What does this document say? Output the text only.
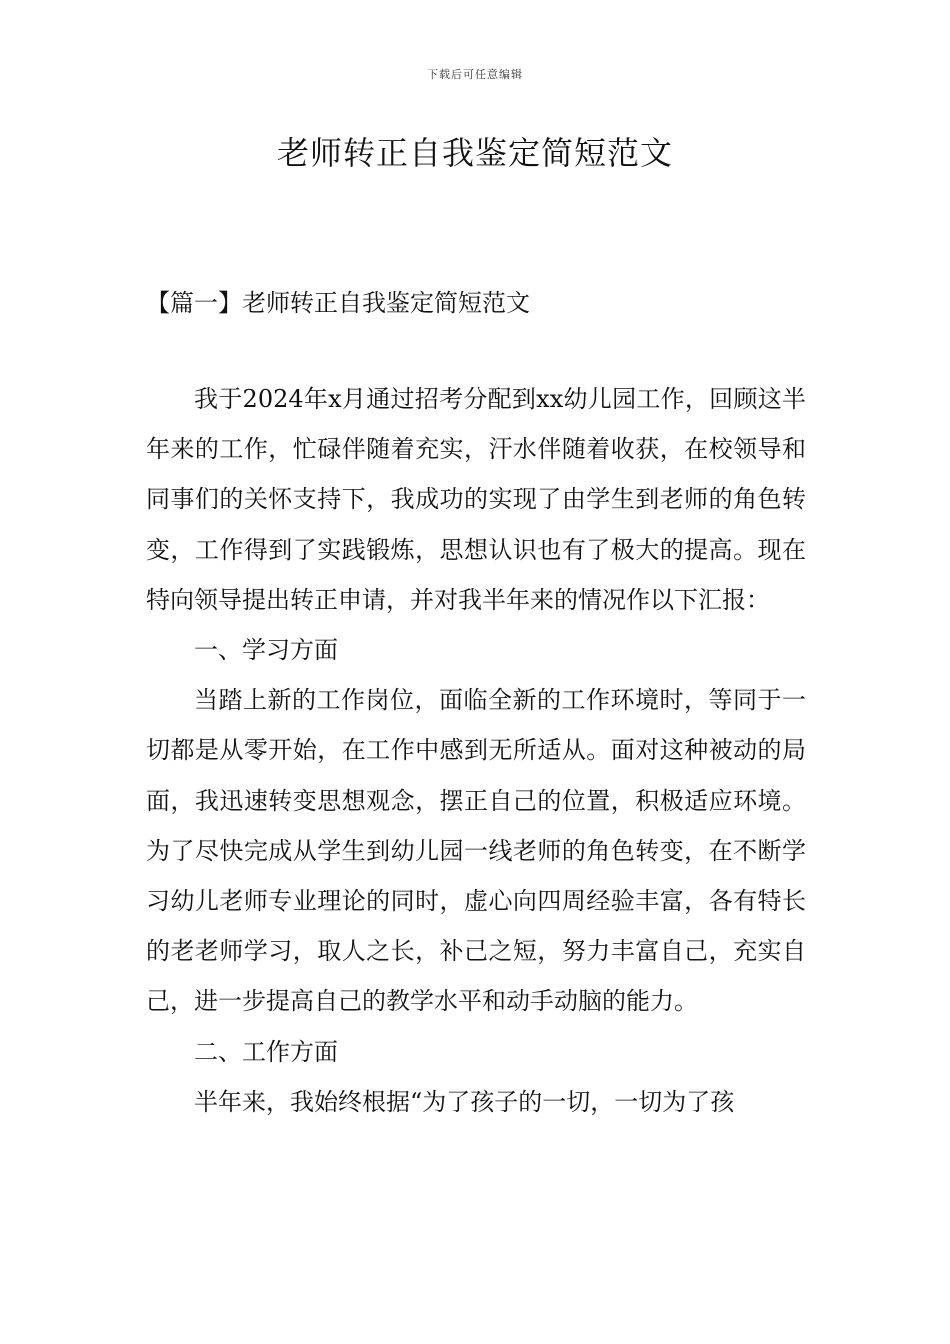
下载后可任意编辑
老师转正自我鉴定简短范文
【篇一】老师转正自我鉴定简短范文

我于2024年x月通过招考分配到xx幼儿园工作，回顾这半年来的工作，忙碌伴随着充实，汗水伴随着收获，在校领导和同事们的关怀支持下，我成功的实现了由学生到老师的角色转变，工作得到了实践锻炼，思想认识也有了极大的提高。现在特向领导提出转正申请，并对我半年来的情况作以下汇报：

一、学习方面

当踏上新的工作岗位，面临全新的工作环境时，等同于一切都是从零开始，在工作中感到无所适从。面对这种被动的局面，我迅速转变思想观念，摆正自己的位置，积极适应环境。为了尽快完成从学生到幼儿园一线老师的角色转变，在不断学习幼儿老师专业理论的同时，虚心向四周经验丰富，各有特长的老老师学习，取人之长，补己之短，努力丰富自己，充实自己，进一步提高自己的教学水平和动手动脑的能力。

二、工作方面

半年来，我始终根据“为了孩子的一切，一切为了孩
